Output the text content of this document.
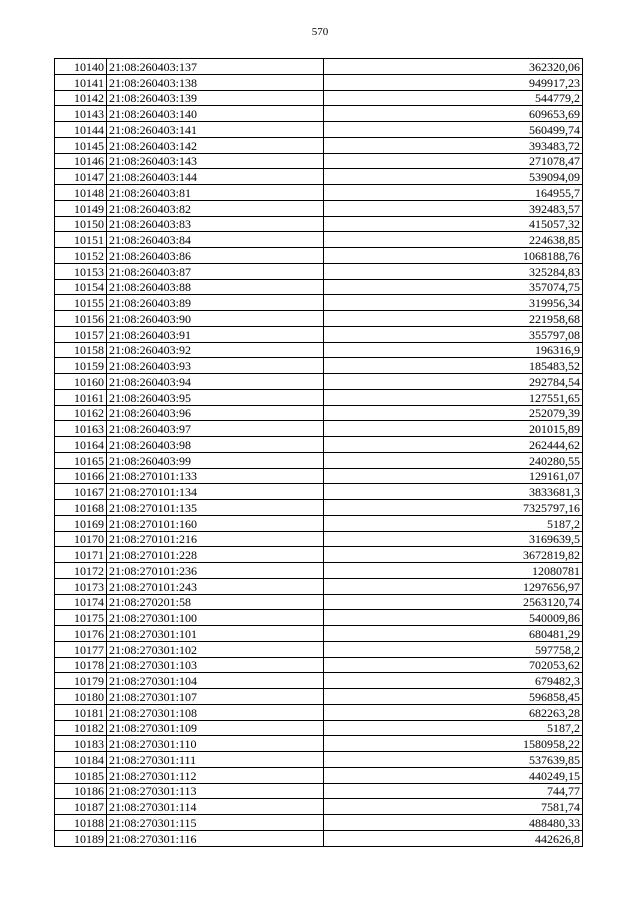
570
10140	21:08:260403:137	362320,06
10141	21:08:260403:138	949917,23
10142	21:08:260403:139	544779,2
10143	21:08:260403:140	609653,69
10144	21:08:260403:141	560499,74
10145	21:08:260403:142	393483,72
10146	21:08:260403:143	271078,47
10147	21:08:260403:144	539094,09
10148	21:08:260403:81	164955,7
10149	21:08:260403:82	392483,57
10150	21:08:260403:83	415057,32
10151	21:08:260403:84	224638,85
10152	21:08:260403:86	1068188,76
10153	21:08:260403:87	325284,83
10154	21:08:260403:88	357074,75
10155	21:08:260403:89	319956,34
10156	21:08:260403:90	221958,68
10157	21:08:260403:91	355797,08
10158	21:08:260403:92	196316,9
10159	21:08:260403:93	185483,52
10160	21:08:260403:94	292784,54
10161	21:08:260403:95	127551,65
10162	21:08:260403:96	252079,39
10163	21:08:260403:97	201015,89
10164	21:08:260403:98	262444,62
10165	21:08:260403:99	240280,55
10166	21:08:270101:133	129161,07
10167	21:08:270101:134	3833681,3
10168	21:08:270101:135	7325797,16
10169	21:08:270101:160	5187,2
10170	21:08:270101:216	3169639,5
10171	21:08:270101:228	3672819,82
10172	21:08:270101:236	12080781
10173	21:08:270101:243	1297656,97
10174	21:08:270201:58	2563120,74
10175	21:08:270301:100	540009,86
10176	21:08:270301:101	680481,29
10177	21:08:270301:102	597758,2
10178	21:08:270301:103	702053,62
10179	21:08:270301:104	679482,3
10180	21:08:270301:107	596858,45
10181	21:08:270301:108	682263,28
10182	21:08:270301:109	5187,2
10183	21:08:270301:110	1580958,22
10184	21:08:270301:111	537639,85
10185	21:08:270301:112	440249,15
10186	21:08:270301:113	744,77
10187	21:08:270301:114	7581,74
10188	21:08:270301:115	488480,33
10189	21:08:270301:116	442626,8
